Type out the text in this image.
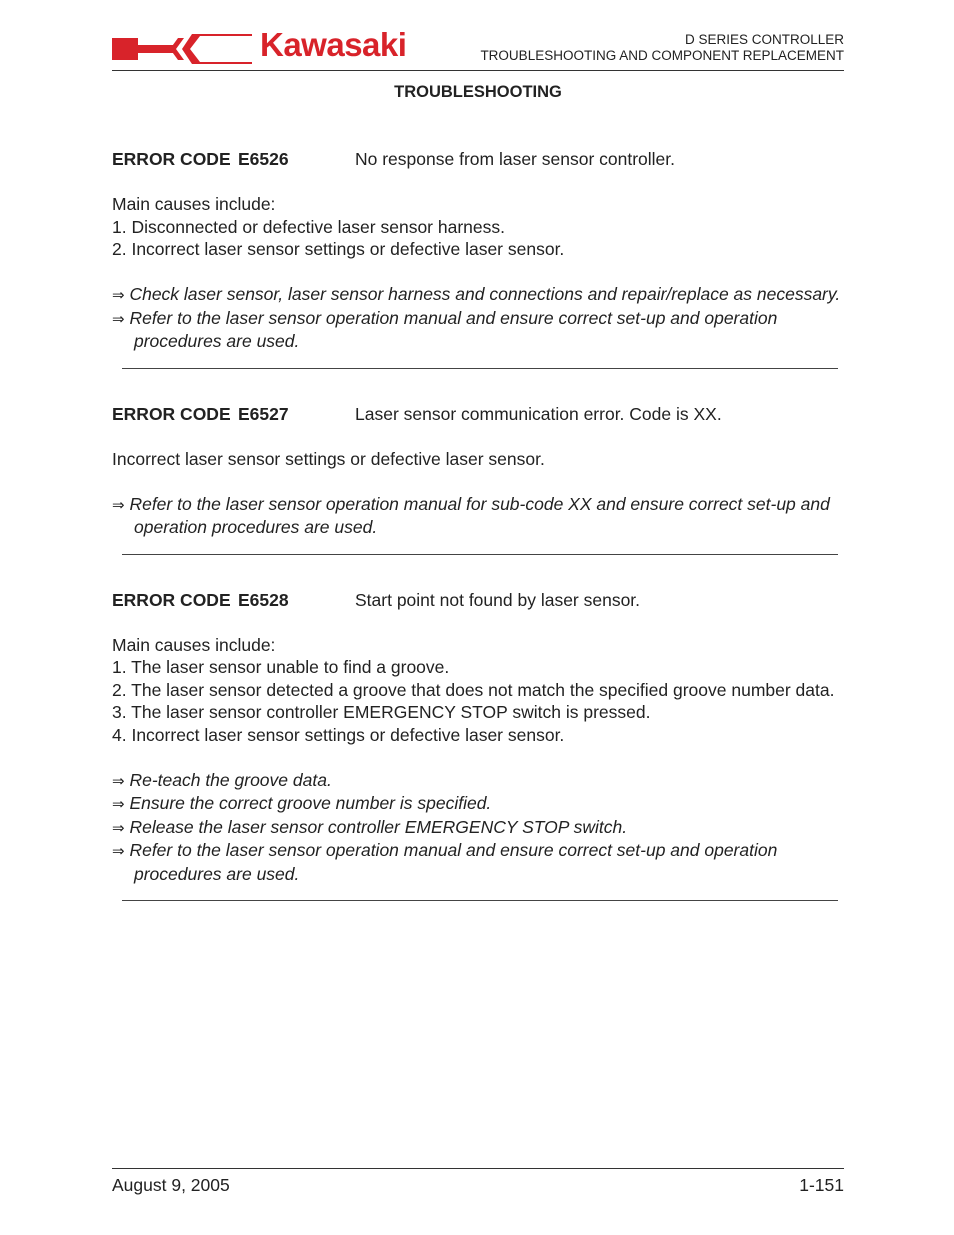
Kawasaki	D SERIES CONTROLLER
TROUBLESHOOTING AND COMPONENT REPLACEMENT
TROUBLESHOOTING
ERROR CODE E6526	No response from laser sensor controller.
Main causes include:
1. Disconnected or defective laser sensor harness.
2. Incorrect laser sensor settings or defective laser sensor.
⇒ Check laser sensor, laser sensor harness and connections and repair/replace as necessary.
⇒ Refer to the laser sensor operation manual and ensure correct set-up and operation procedures are used.
ERROR CODE E6527	Laser sensor communication error. Code is XX.
Incorrect laser sensor settings or defective laser sensor.
⇒ Refer to the laser sensor operation manual for sub-code XX and ensure correct set-up and operation procedures are used.
ERROR CODE E6528	Start point not found by laser sensor.
Main causes include:
1. The laser sensor unable to find a groove.
2. The laser sensor detected a groove that does not match the specified groove number data.
3. The laser sensor controller EMERGENCY STOP switch is pressed.
4. Incorrect laser sensor settings or defective laser sensor.
⇒ Re-teach the groove data.
⇒ Ensure the correct groove number is specified.
⇒ Release the laser sensor controller EMERGENCY STOP switch.
⇒ Refer to the laser sensor operation manual and ensure correct set-up and operation procedures are used.
August 9, 2005	1-151
